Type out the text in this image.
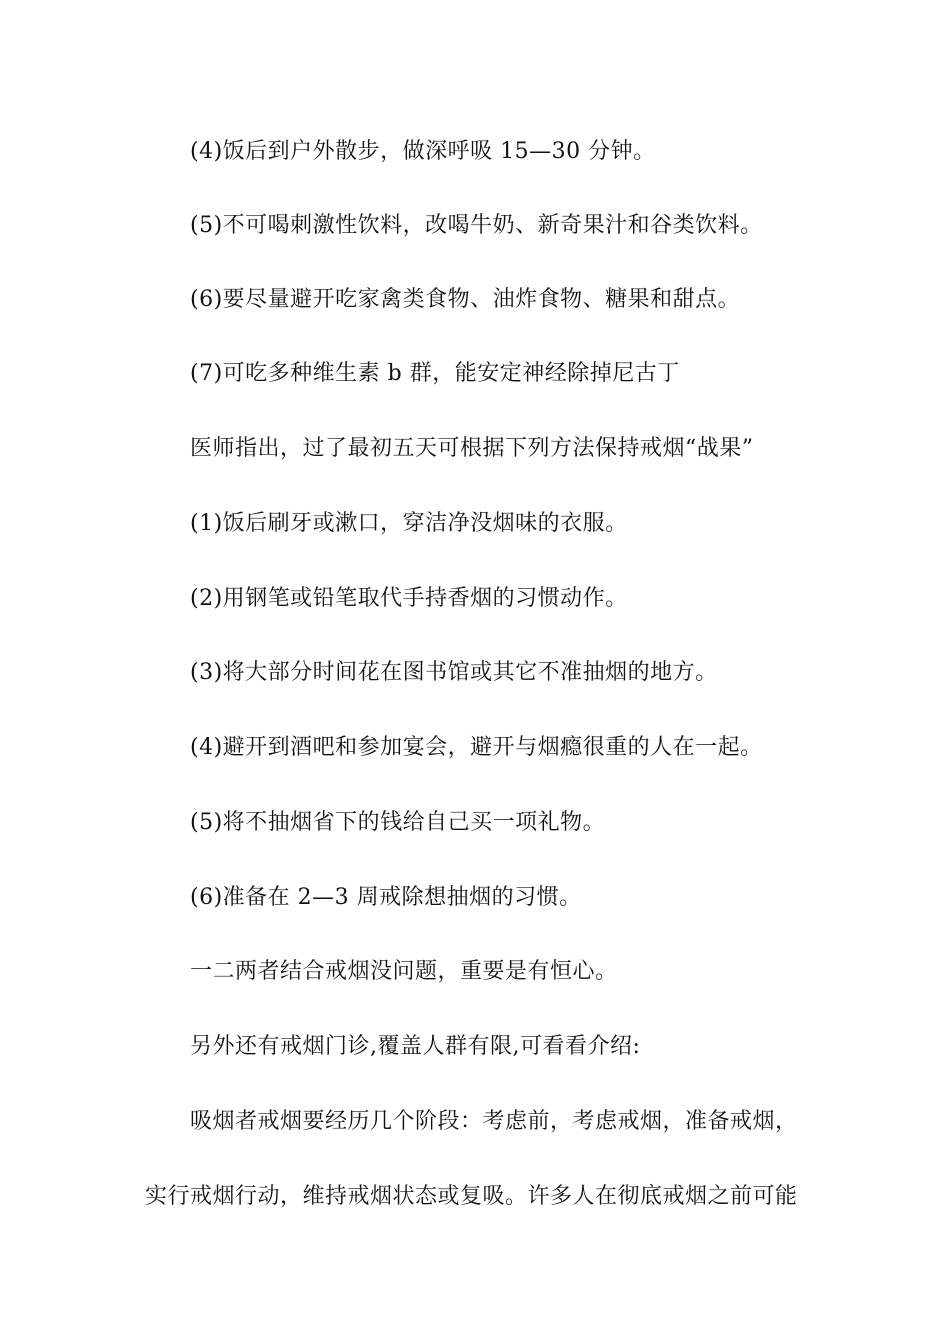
(4)饭后到户外散步，做深呼吸 15—30 分钟。
(5)不可喝刺激性饮料，改喝牛奶、新奇果汁和谷类饮料。
(6)要尽量避开吃家禽类食物、油炸食物、糖果和甜点。
(7)可吃多种维生素 b 群，能安定神经除掉尼古丁
医师指出，过了最初五天可根据下列方法保持戒烟“战果”
(1)饭后刷牙或漱口，穿洁净没烟味的衣服。
(2)用钢笔或铅笔取代手持香烟的习惯动作。
(3)将大部分时间花在图书馆或其它不准抽烟的地方。
(4)避开到酒吧和参加宴会，避开与烟瘾很重的人在一起。
(5)将不抽烟省下的钱给自己买一项礼物。
(6)准备在 2—3 周戒除想抽烟的习惯。
一二两者结合戒烟没问题，重要是有恒心。
另外还有戒烟门诊,覆盖人群有限,可看看介绍:
吸烟者戒烟要经历几个阶段：考虑前，考虑戒烟，准备戒烟，
实行戒烟行动，维持戒烟状态或复吸。许多人在彻底戒烟之前可能
